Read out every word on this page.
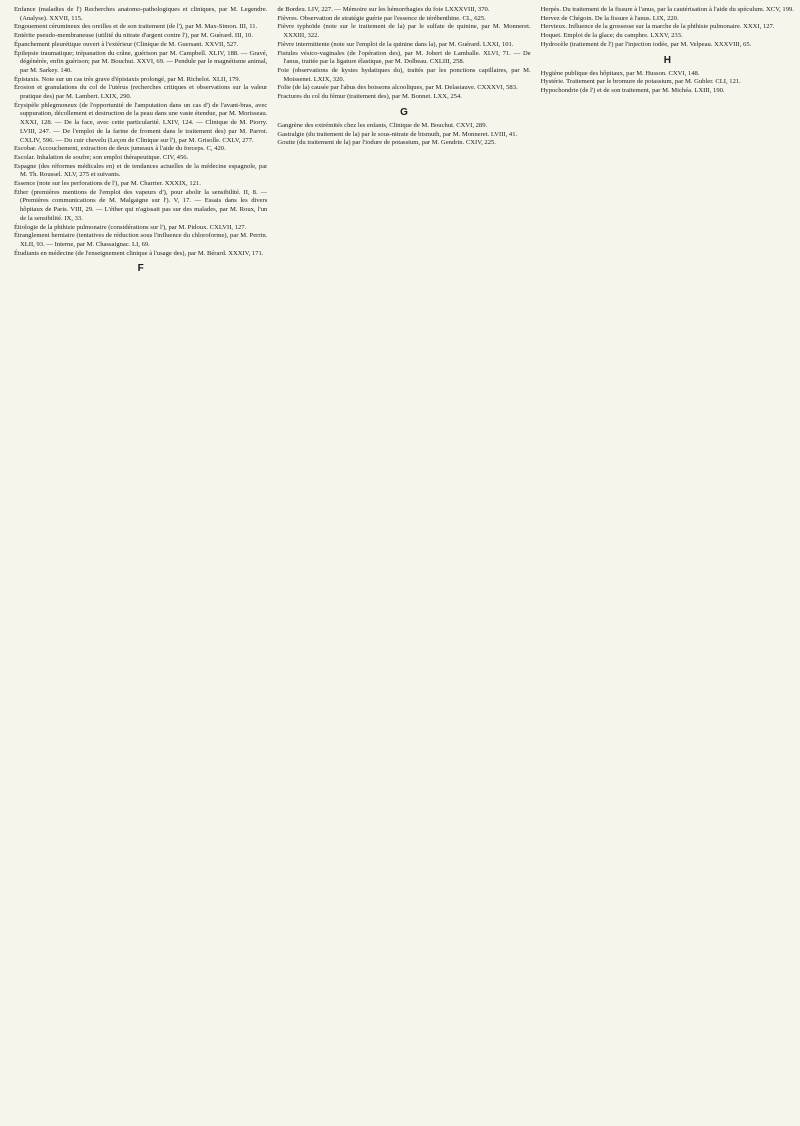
Enfance (maladies de l') Recherches anatomo-pathologiques et cliniques, par M. Legendre. (Analyse). XXVII, 115.

Engouement cérumineux des oreilles et de son traitement (de l'), par M. Max-Simon. III, 11.

Entérite pseudo-membraneuse (utilité du nitrate d'argent contre l'), par M. Guérard. III, 10.

Épanchement pleurétique ouvert à l'extérieur (Clinique de M. Guersant. XXVII, 527.

Épilepsie traumatique; trépanation du crâne, guérison par M. Campbell. XLIV, 188. — Gravé, dégénérée, enfin guérison; par M. Bouchut. XXVI, 69. — Pendule par le magnétisme animal, par M. Sarkey. 140.

Épistaxis. Note sur un cas très grave d'épistaxis prolongé, par M. Richelot. XLII, 179.

Érosion et granulations du col de l'utérus (recherches critiques et observations sur la valeur pratique des) par M. Lambert. LXIX, 290.

Érysipèle phlegmoneux (de l'opportunité de l'amputation dans un cas d') de l'avant-bras, avec suppuration, décollement et destruction de la peau dans une vaste étendue, par M. Morisseau. XXXI, 128. — De la face, avec cette particularité. LXIV, 124. — Clinique de M. Piorry. LVIII, 247. — De l'emploi de la farine de froment dans le traitement des) par M. Parrot. CXLIV, 596. — Du cuir chevelu (Leçon de Clinique sur l'), par M. Grisolle. CXLV, 277.

Escobar. Accouchement, extraction de deux jumeaux à l'aide du forceps. C, 420.

Escolar. Inhalation de soufre; son emploi thérapeutique. CIV, 456.

Espagne (des réformes médicales en) et de tendances actuelles de la médecine espagnole, par M. Th. Roussel. XLV, 275 et suivants.

Essence (note sur les perforations de l'), par M. Charrier. XXXIX, 121.

Éther (premières mentions de l'emploi des vapeurs d'), pour abolir la sensibilité. II, 8. — (Premières communications de M. Malgaigne sur l'). V, 17. — Essais dans les divers hôpitaux de Paris. VIII, 29. — L'éther qui n'agissait pas sur des malades, par M. Roux, l'un de la sensibilité. IX, 33.

Étiologie de la phthisie pulmonaire (considérations sur l'), par M. Pidoux. CXLVII, 127.

Étranglement herniaire (tentatives de réduction sous l'influence du chloroforme), par M. Perrin. XLII, 93. — Interne, par M. Chassaignac. LI, 69.

Étudiants en médecine (de l'enseignement clinique à l'usage des), par M. Bérard. XXXIV, 171.

F

de Bordeu. LIV, 227. — Mémoire sur les hémorrhagies du foie LXXXVIII, 370.

Fièvres. Observation de stratégie guérie par l'essence de térébenthine. CL, 625.

Fièvre typhoïde (note sur le traitement de la) par le sulfate de quinine, par M. Monneret. XXXIII, 322.

Fièvre intermittente (note sur l'emploi de la quinine dans la), par M. Guérard. LXXI, 101.

Fistules vésico-vaginales (de l'opération des), par M. Jobert de Lamballe. XLVI, 71. — De l'anus, traitée par la ligature élastique, par M. Dolbeau. CXLIII, 258.

Foie (observations de kystes hydatiques du), traités par les ponctions capillaires, par M. Moissenet. LXIX, 320.

Folie (de la) causée par l'abus des boissons alcooliques, par M. Delasiauve. CXXXVI, 583.

Fractures du col du fémur (traitement des), par M. Bonnet. LXX, 254.

G

Gangrène des extrémités chez les enfants, Clinique de M. Bouchut. CXVI, 289.

Gastralgie (du traitement de la) par le sous-nitrate de bismuth, par M. Monneret. LVIII, 41.

Goutte (du traitement de la) par l'iodure de potassium, par M. Gendrin. CXIV, 225.

Herpès. Du traitement de la fissure à l'anus, par la cautérisation à l'aide du spéculum. XCV, 199.

Hervez de Chégoin. De la fissure à l'anus. LIX, 220.

Hervieux. Influence de la grossesse sur la marche de la phthisie pulmonaire. XXXI, 127.

Hoquet. Emploi de la glace; du camphre. LXXV, 233.

Hydrocèle (traitement de l') par l'injection iodée, par M. Velpeau. XXXVIII, 65.

H

Hygiène publique des hôpitaux, par M. Husson. CXVI, 148.

Hystérie. Traitement par le bromure de potassium, par M. Gubler. CLI, 121.

Hypochondrie (de l') et de son traitement, par M. Michéa. LXIII, 190.
